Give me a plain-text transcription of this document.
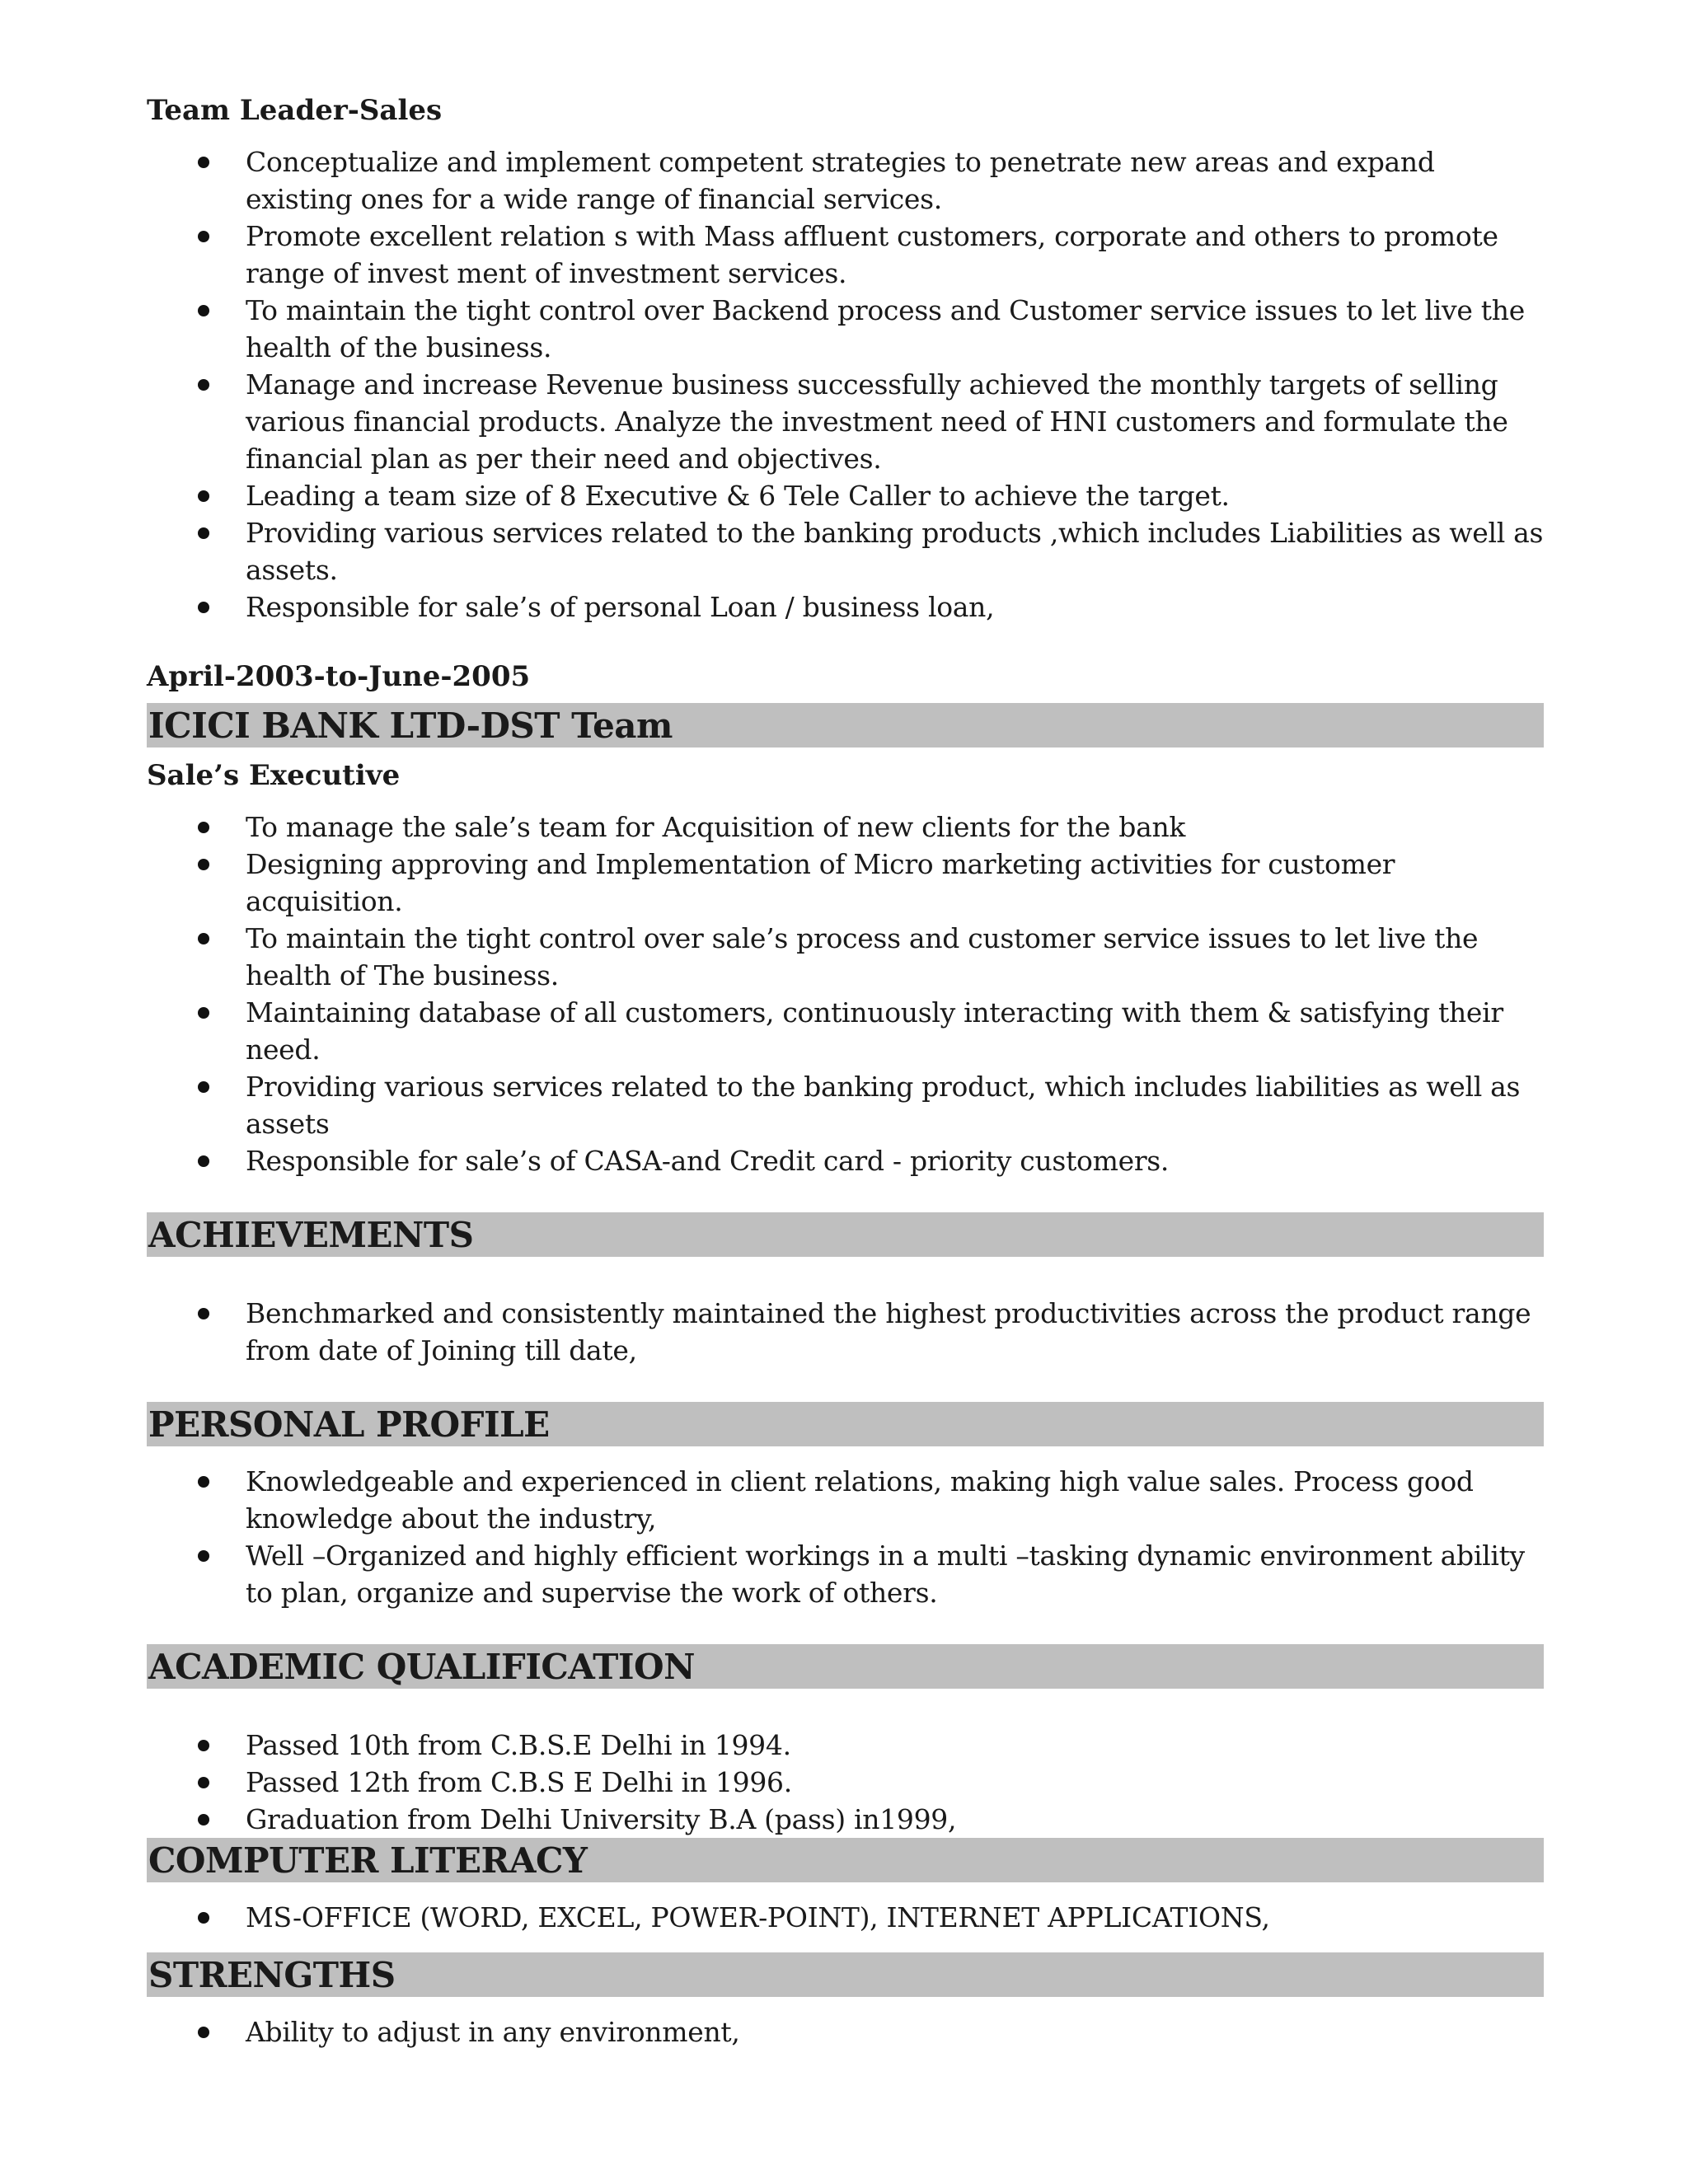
Team Leader-Sales
Conceptualize and implement competent strategies to penetrate new areas and expand existing ones for a wide range of financial services.
Promote excellent relation s with Mass affluent customers, corporate and others to promote range of invest ment of investment services.
To maintain the tight control over Backend process and Customer service issues to let live the health of the business.
Manage and increase Revenue business successfully achieved the monthly targets of selling various financial products. Analyze the investment need of HNI customers and formulate the financial plan as per their need and objectives.
Leading a team size of 8 Executive & 6 Tele Caller to achieve the target.
Providing various services related to the banking products ,which includes Liabilities as well as assets.
Responsible for sale’s of personal Loan / business loan,
April-2003-to-June-2005
ICICI BANK LTD-DST Team
Sale’s Executive
To manage the sale’s team for Acquisition of new clients for the bank
Designing approving and Implementation of Micro marketing activities for customer acquisition.
To maintain the tight control over sale’s process and customer service issues to let live the health of The business.
Maintaining database of all customers, continuously interacting with them & satisfying their need.
Providing various services related to the banking product, which includes liabilities as well as assets
Responsible for sale’s of CASA-and Credit card - priority customers.
ACHIEVEMENTS
Benchmarked and consistently maintained the highest productivities across the product range from date of Joining till date,
PERSONAL PROFILE
Knowledgeable and experienced in client relations, making high value sales. Process good knowledge about the industry,
Well –Organized and highly efficient workings in a multi –tasking dynamic environment ability to plan, organize and supervise the work of others.
ACADEMIC QUALIFICATION
Passed 10th from C.B.S.E Delhi in 1994.
Passed 12th from C.B.S E Delhi in 1996.
Graduation from Delhi University B.A (pass) in1999,
COMPUTER LITERACY
MS-OFFICE (WORD, EXCEL, POWER-POINT), INTERNET APPLICATIONS,
STRENGTHS
Ability to adjust in any environment,
